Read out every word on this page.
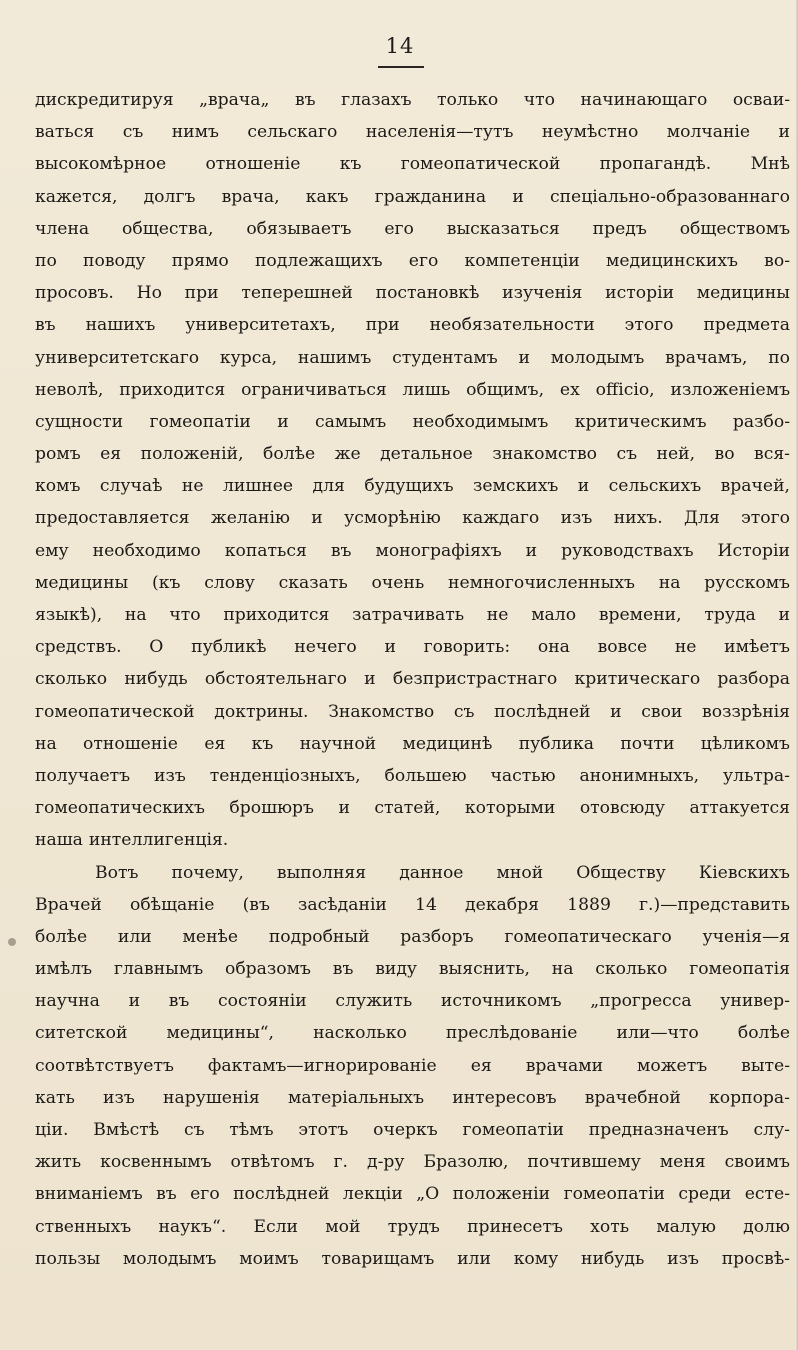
14
дискредитируя „врача„ въ глазахъ только что начинающаго осваи-
ваться съ нимъ сельскаго населенія—тутъ неумѣстно молчаніе и
высокомѣрное отношеніе къ гомеопатической пропагандѣ. Мнѣ
кажется, долгъ врача, какъ гражданина и спеціально-образованнаго
члена общества, обязываетъ его высказаться предъ обществомъ
по поводу прямо подлежащихъ его компетенціи медицинскихъ во-
просовъ. Но при теперешней постановкѣ изученія исторіи медицины
въ нашихъ университетахъ, при необязательности этого предмета
университетскаго курса, нашимъ студентамъ и молодымъ врачамъ, по
неволѣ, приходится ограничиваться лишь общимъ, ex officio, изложеніемъ
сущности гомеопатіи и самымъ необходимымъ критическимъ разбо-
ромъ ея положеній, болѣе же детальное знакомство съ ней, во вся-
комъ случаѣ не лишнее для будущихъ земскихъ и сельскихъ врачей,
предоставляется желанію и усморѣнію каждаго изъ нихъ. Для этого
ему необходимо копаться въ монографіяхъ и руководствахъ Исторіи
медицины (къ слову сказать очень немногочисленныхъ на русскомъ
языкѣ), на что приходится затрачивать не мало времени, труда и
средствъ. О публикѣ нечего и говорить: она вовсе не имѣетъ
сколько нибудь обстоятельнаго и безпристрастнаго критическаго разбора
гомеопатической доктрины. Знакомство съ послѣдней и свои воззрѣнія
на отношеніе ея къ научной медицинѣ публика почти цѣликомъ
получаетъ изъ тенденціозныхъ, большею частью анонимныхъ, ультра-
гомеопатическихъ брошюръ и статей, которыми отовсюду аттакуется
наша интеллигенція.
Вотъ почему, выполняя данное мной Обществу Кіевскихъ
Врачей обѣщаніе (въ засѣданіи 14 декабря 1889 г.)—представить
болѣе или менѣе подробный разборъ гомеопатическаго ученія—я
имѣлъ главнымъ образомъ въ виду выяснить, на сколько гомеопатія
научна и въ состояніи служить источникомъ „прогресса универ-
ситетской медицины“, насколько преслѣдованіе или—что болѣе
соотвѣтствуетъ фактамъ—игнорированіе ея врачами можетъ выте-
кать изъ нарушенія матеріальныхъ интересовъ врачебной корпора-
ціи. Вмѣстѣ съ тѣмъ этотъ очеркъ гомеопатіи предназначенъ слу-
жить косвеннымъ отвѣтомъ г. д-ру Бразолю, почтившему меня своимъ
вниманіемъ въ его послѣдней лекціи „О положеніи гомеопатіи среди есте-
ственныхъ наукъ“. Если мой трудъ принесетъ хоть малую долю
пользы молодымъ моимъ товарищамъ или кому нибудь изъ просвѣ-
